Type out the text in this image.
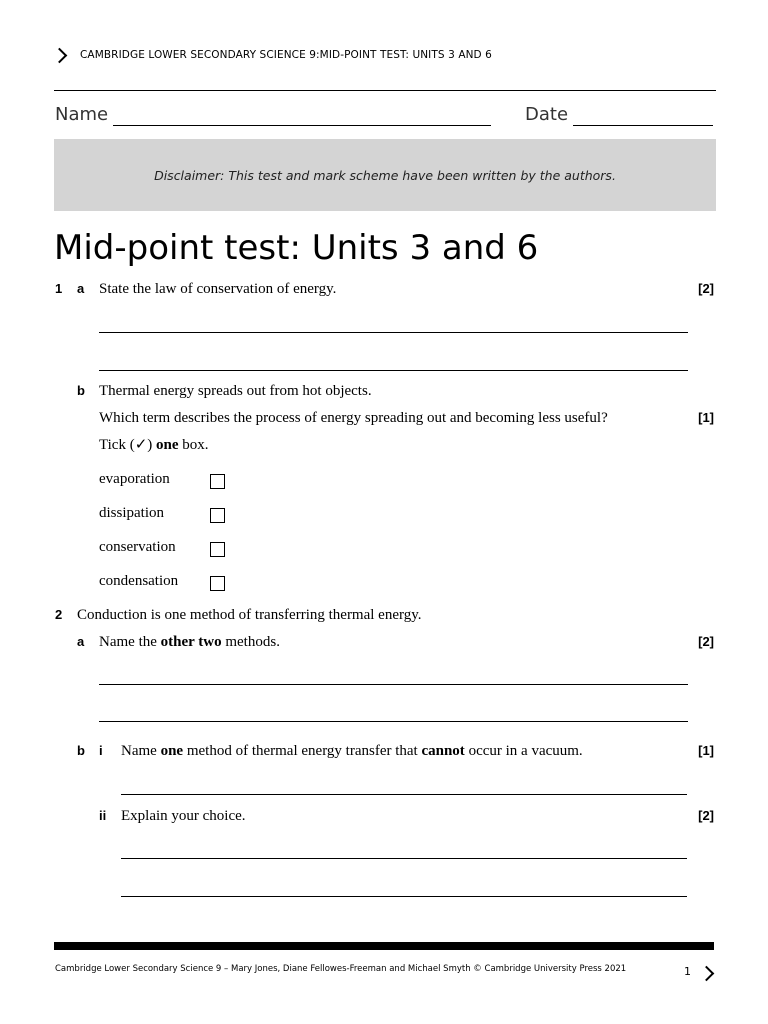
CAMBRIDGE LOWER SECONDARY SCIENCE 9:MID-POINT TEST: UNITS 3 AND 6
Name	Date
Disclaimer: This test and mark scheme have been written by the authors.
Mid-point test: Units 3 and 6
1 a State the law of conservation of energy.	[2]
b Thermal energy spreads out from hot objects.
Which term describes the process of energy spreading out and becoming less useful?	[1]
Tick (✓) one box.
evaporation
dissipation
conservation
condensation
2 Conduction is one method of transferring thermal energy.
a Name the other two methods.	[2]
b i Name one method of thermal energy transfer that cannot occur in a vacuum.	[1]
ii Explain your choice.	[2]
Cambridge Lower Secondary Science 9 – Mary Jones, Diane Fellowes-Freeman and Michael Smyth © Cambridge University Press 2021	1
